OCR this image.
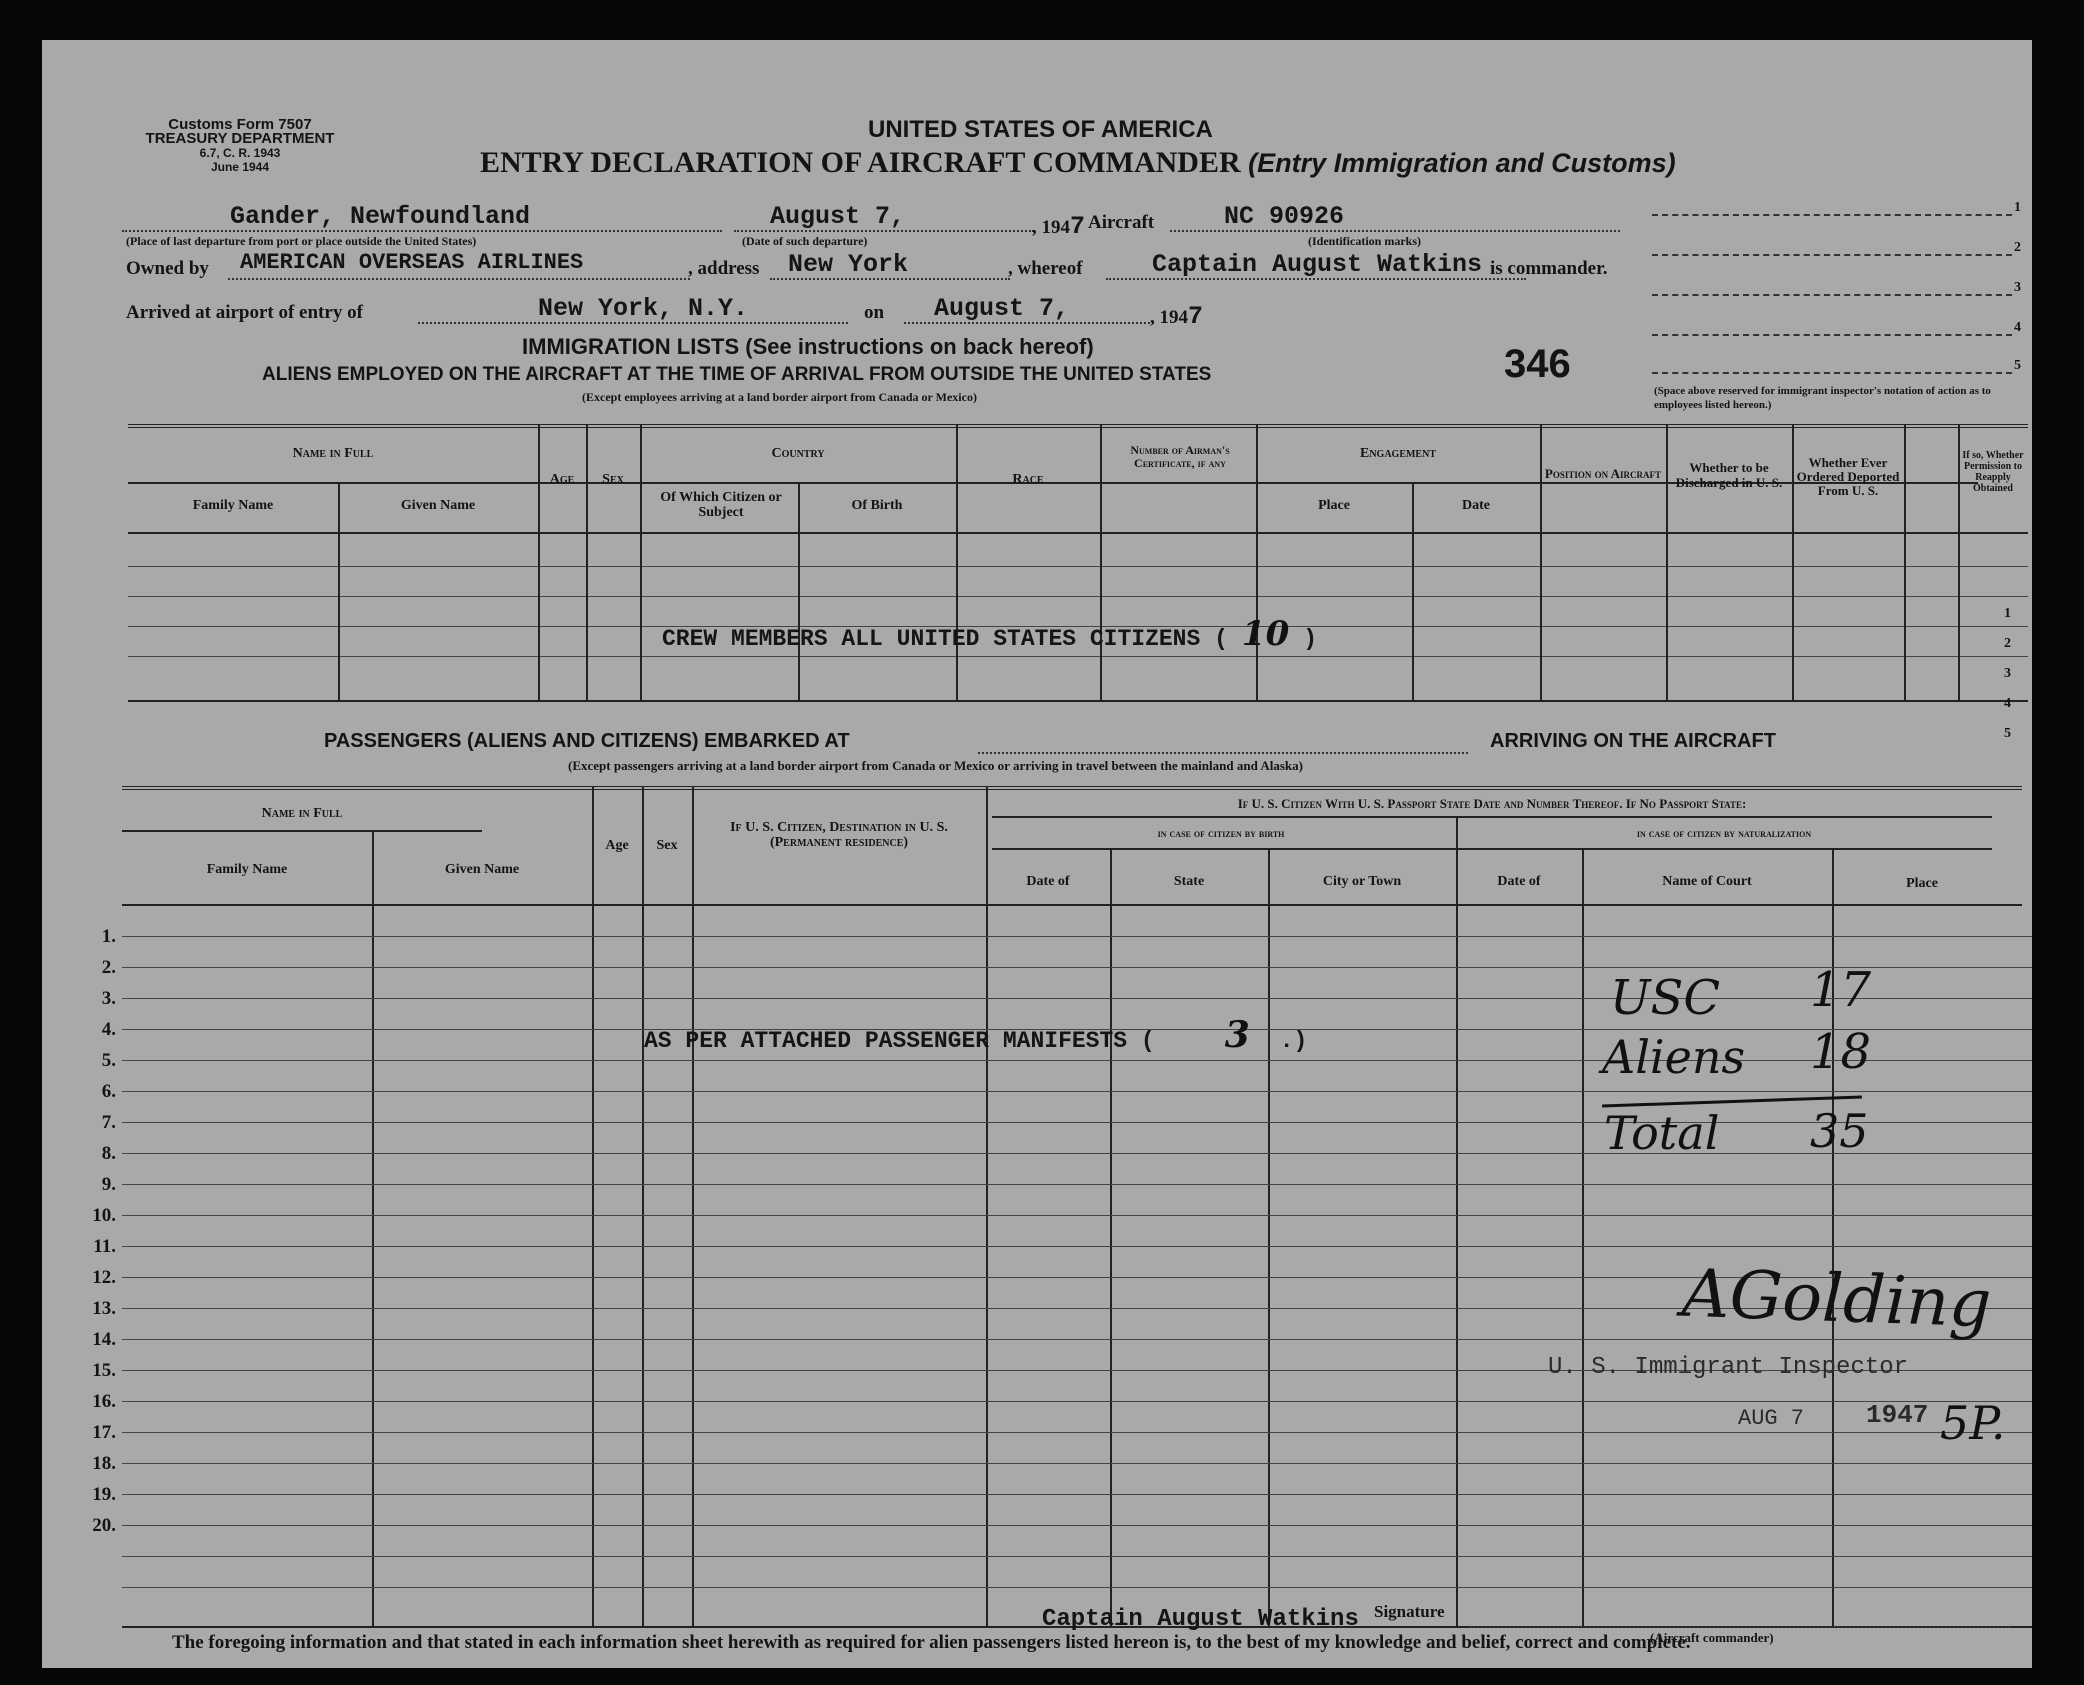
Customs Form 7507
TREASURY DEPARTMENT
6.7, C. R. 1943
June 1944
UNITED STATES OF AMERICA
ENTRY DECLARATION OF AIRCRAFT COMMANDER (Entry Immigration and Customs)
Gander, Newfoundland
(Place of last departure from port or place outside the United States)
August 7,
(Date of such departure)
, 1947 Aircraft	NC 90926
(Identification marks)
Owned by AMERICAN OVERSEAS AIRLINES	, address New York	, whereof	Captain August Watkins is commander.
Arrived at airport of entry of	New York, N.Y.	on August 7,	, 1947
IMMIGRATION LISTS (See instructions on back hereof)
ALIENS EMPLOYED ON THE AIRCRAFT AT THE TIME OF ARRIVAL FROM OUTSIDE THE UNITED STATES
(Except employees arriving at a land border airport from Canada or Mexico)
346
1
2
3
4
5
(Space above reserved for immigrant inspector's notation of action as to employees listed hereon.)
Name in Full
Family Name	Given Name
Age	Sex
Country
Of Which Citizen or Subject	Of Birth
Race
Number of Airman's Certificate, if any
Engagement
Place	Date
Position on Aircraft	Whether to be Discharged in U. S.
Whether Ever Ordered Deported From U. S.
If so, Whether Permission to Reapply Obtained
CREW MEMBERS ALL UNITED STATES CITIZENS ( 10 )
1
2
3
4
5
PASSENGERS (ALIENS AND CITIZENS) EMBARKED AT	ARRIVING ON THE AIRCRAFT
(Except passengers arriving at a land border airport from Canada or Mexico or arriving in travel between the mainland and Alaska)
Name in Full
Family Name	Given Name
Age	Sex
If U. S. Citizen, Destination in U. S. (Permanent residence)
If U. S. Citizen With U. S. Passport State Date and Number Thereof. If No Passport State:
in case of citizen by birth	in case of citizen by naturalization
Date of	State	City or Town	Date of	Name of Court	Place
1.
2.
3.
4.
5.
6.
7.
8.
9.
10.
11.
12.
13.
14.
15.
16.
17.
18.
19.
20.
AS PER ATTACHED PASSENGER MANIFESTS ( 3 .)
USC 17
Aliens 18
Total 35
AGolding
U. S. Immigrant Inspector
AUG 7 1947 5P.
The foregoing information and that stated in each information sheet herewith as required for alien passengers listed hereon is, to the best of my knowledge and belief, correct and complete.
Captain August Watkins Signature
(Aircraft commander)
